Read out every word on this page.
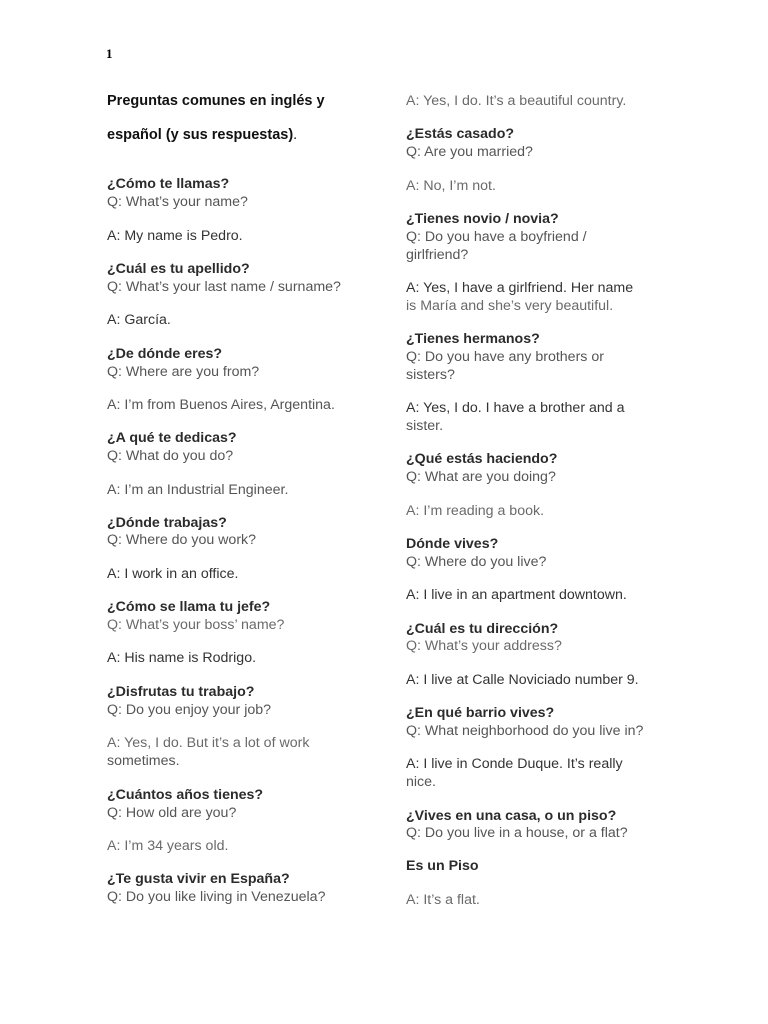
1
Preguntas comunes en inglés y
español (y sus respuestas).
¿Cómo te llamas?
Q: What’s your name?
A: My name is Pedro.
¿Cuál es tu apellido?
Q: What’s your last name / surname?
A: García.
¿De dónde eres?
Q: Where are you from?
A: I’m from Buenos Aires, Argentina.
¿A qué te dedicas?
Q: What do you do?
A: I’m an Industrial Engineer.
¿Dónde trabajas?
Q: Where do you work?
A: I work in an office.
¿Cómo se llama tu jefe?
Q: What’s your boss’ name?
A: His name is Rodrigo.
¿Disfrutas tu trabajo?
Q: Do you enjoy your job?
A: Yes, I do. But it’s a lot of work
sometimes.
¿Cuántos años tienes?
Q: How old are you?
A: I’m 34 years old.
¿Te gusta vivir en España?
Q: Do you like living in Venezuela?
A: Yes, I do. It’s a beautiful country.
¿Estás casado?
Q: Are you married?
A: No, I’m not.
¿Tienes novio / novia?
Q: Do you have a boyfriend /
girlfriend?
A: Yes, I have a girlfriend. Her name
is María and she’s very beautiful.
¿Tienes hermanos?
Q: Do you have any brothers or
sisters?
A: Yes, I do. I have a brother and a
sister.
¿Qué estás haciendo?
Q: What are you doing?
A: I’m reading a book.
Dónde vives?
Q: Where do you live?
A: I live in an apartment downtown.
¿Cuál es tu dirección?
Q: What’s your address?
A: I live at Calle Noviciado number 9.
¿En qué barrio vives?
Q: What neighborhood do you live in?
A: I live in Conde Duque. It’s really
nice.
¿Vives en una casa, o un piso?
Q: Do you live in a house, or a flat?
Es un Piso
A: It’s a flat.
